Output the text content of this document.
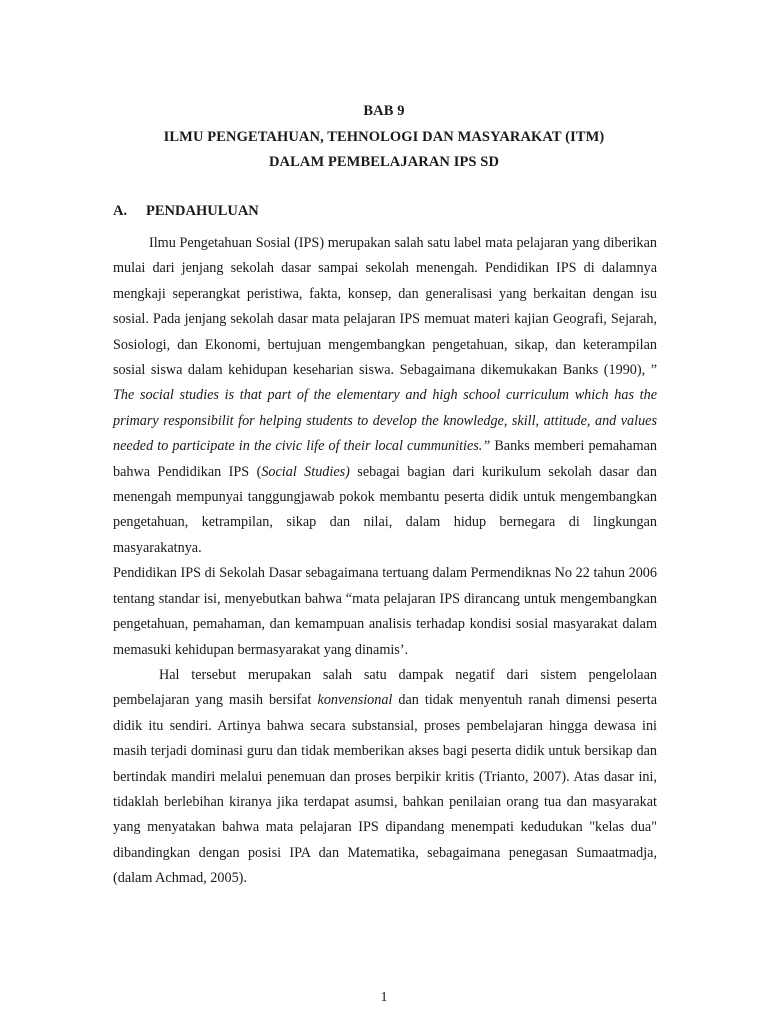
BAB 9
ILMU PENGETAHUAN, TEHNOLOGI DAN MASYARAKAT (ITM)
DALAM PEMBELAJARAN IPS SD
A. PENDAHULUAN

Ilmu Pengetahuan Sosial (IPS) merupakan salah satu label mata pelajaran yang diberikan mulai dari jenjang sekolah dasar sampai sekolah menengah. Pendidikan IPS di dalamnya mengkaji seperangkat peristiwa, fakta, konsep, dan generalisasi yang berkaitan dengan isu sosial. Pada jenjang sekolah dasar mata pelajaran IPS memuat materi kajian Geografi, Sejarah, Sosiologi, dan Ekonomi, bertujuan mengembangkan pengetahuan, sikap, dan keterampilan sosial siswa dalam kehidupan keseharian siswa. Sebagaimana dikemukakan Banks (1990), ” The social studies is that part of the elementary and high school curriculum which has the primary responsibilit for helping students to develop the knowledge, skill, attitude, and values needed to participate in the civic life of their local cummunities.” Banks memberi pemahaman bahwa Pendidikan IPS (Social Studies) sebagai bagian dari kurikulum sekolah dasar dan menengah mempunyai tanggungjawab pokok membantu peserta didik untuk mengembangkan pengetahuan, ketrampilan, sikap dan nilai, dalam hidup bernegara di lingkungan masyarakatnya.

Pendidikan IPS di Sekolah Dasar sebagaimana tertuang dalam Permendiknas No 22 tahun 2006 tentang standar isi, menyebutkan bahwa “mata pelajaran IPS dirancang untuk mengembangkan pengetahuan, pemahaman, dan kemampuan analisis terhadap kondisi sosial masyarakat dalam memasuki kehidupan bermasyarakat yang dinamis’.

Hal tersebut merupakan salah satu dampak negatif dari sistem pengelolaan pembelajaran yang masih bersifat konvensional dan tidak menyentuh ranah dimensi peserta didik itu sendiri. Artinya bahwa secara substansial, proses pembelajaran hingga dewasa ini masih terjadi dominasi guru dan tidak memberikan akses bagi peserta didik untuk bersikap dan bertindak mandiri melalui penemuan dan proses berpikir kritis (Trianto, 2007). Atas dasar ini, tidaklah berlebihan kiranya jika terdapat asumsi, bahkan penilaian orang tua dan masyarakat yang menyatakan bahwa mata pelajaran IPS dipandang menempati kedudukan "kelas dua" dibandingkan dengan posisi IPA dan Matematika, sebagaimana penegasan Sumaatmadja, (dalam Achmad, 2005).

1
